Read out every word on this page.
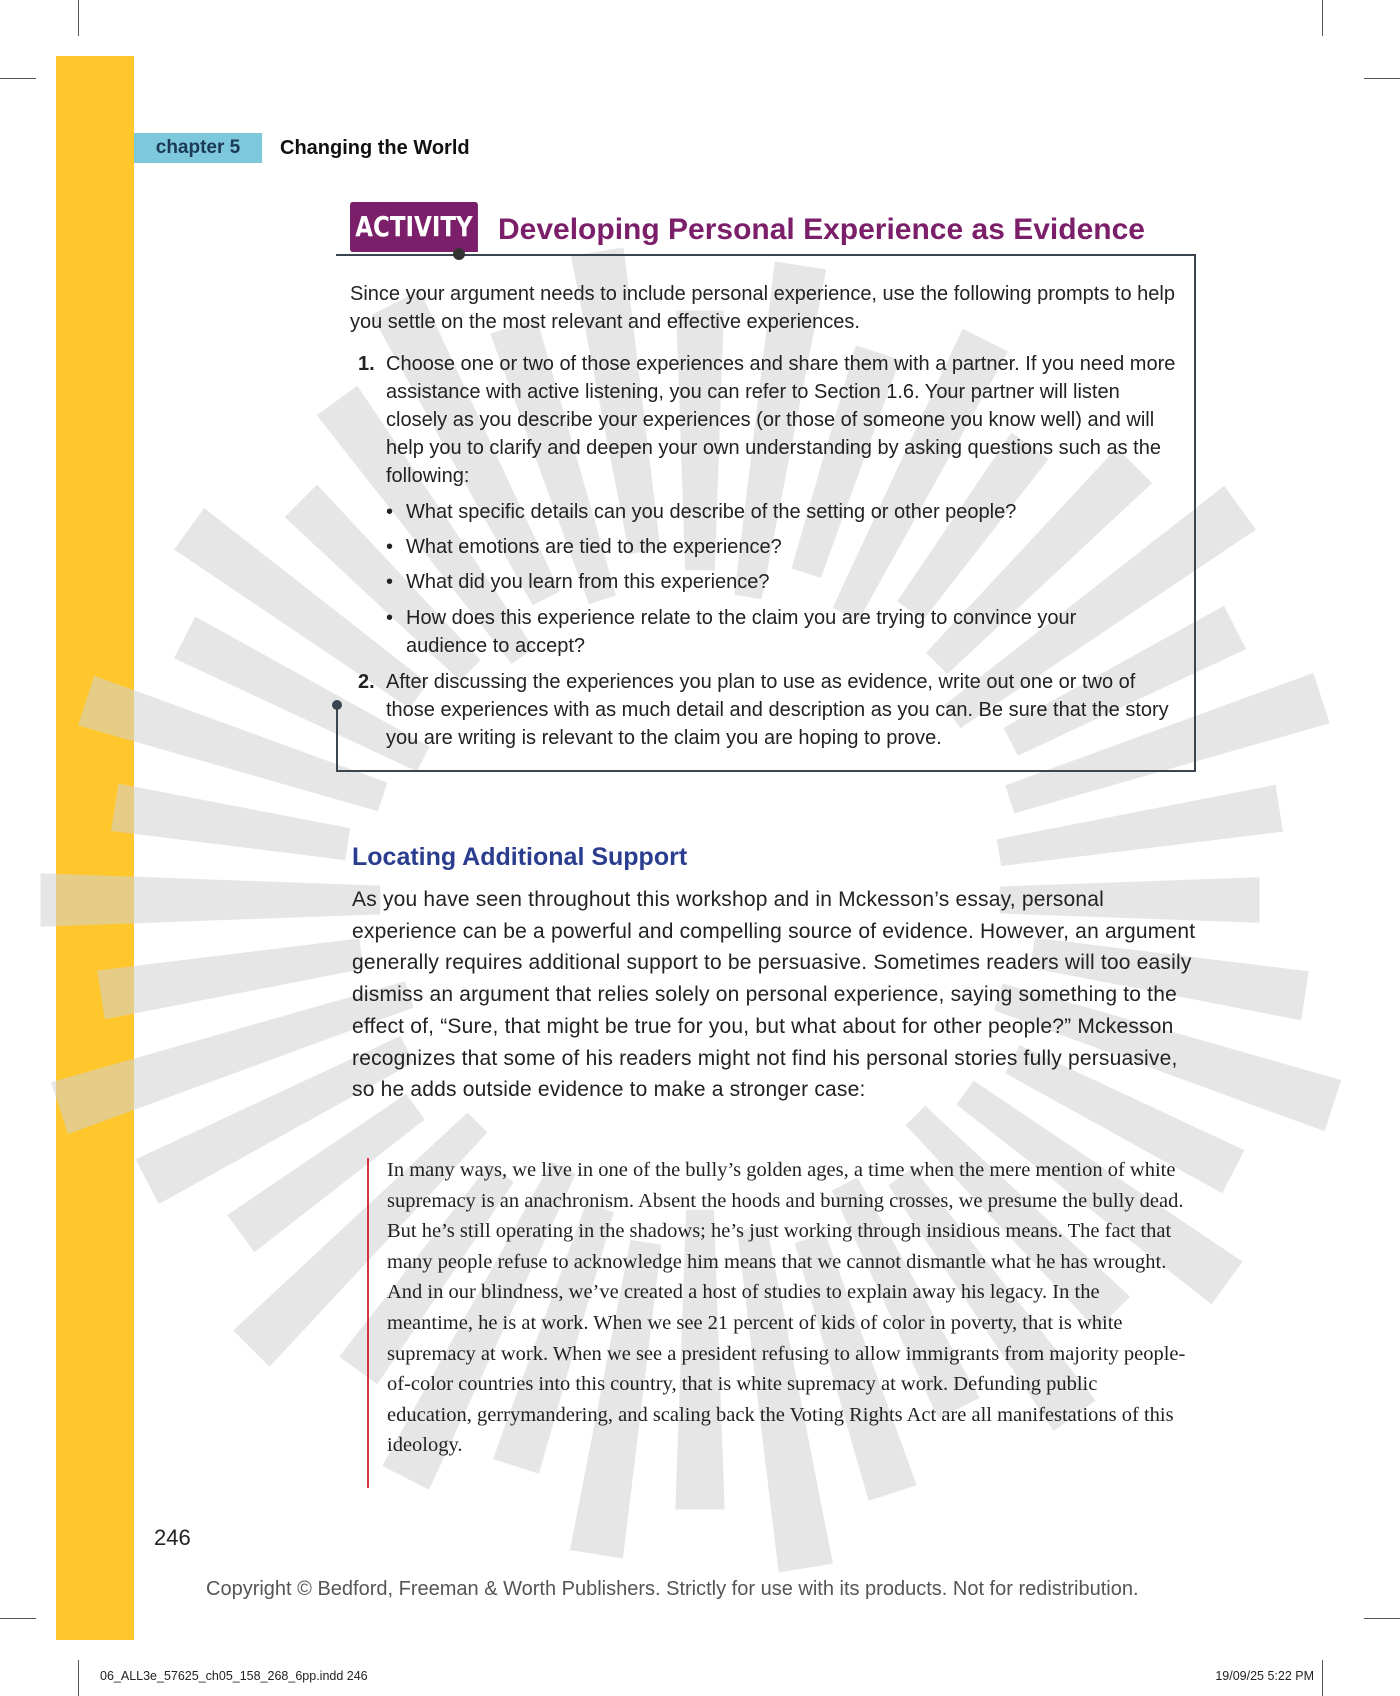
chapter 5	Changing the World
ACTIVITY Developing Personal Experience as Evidence
Since your argument needs to include personal experience, use the following prompts to help you settle on the most relevant and effective experiences.
1. Choose one or two of those experiences and share them with a partner. If you need more assistance with active listening, you can refer to Section 1.6. Your partner will listen closely as you describe your experiences (or those of someone you know well) and will help you to clarify and deepen your own understanding by asking questions such as the following:
• What specific details can you describe of the setting or other people?
• What emotions are tied to the experience?
• What did you learn from this experience?
• How does this experience relate to the claim you are trying to convince your audience to accept?
2. After discussing the experiences you plan to use as evidence, write out one or two of those experiences with as much detail and description as you can. Be sure that the story you are writing is relevant to the claim you are hoping to prove.
Locating Additional Support
As you have seen throughout this workshop and in Mckesson’s essay, personal experience can be a powerful and compelling source of evidence. However, an argument generally requires additional support to be persuasive. Sometimes readers will too easily dismiss an argument that relies solely on personal experience, saying something to the effect of, “Sure, that might be true for you, but what about for other people?” Mckesson recognizes that some of his readers might not find his personal stories fully persuasive, so he adds outside evidence to make a stronger case:
In many ways, we live in one of the bully’s golden ages, a time when the mere mention of white supremacy is an anachronism. Absent the hoods and burning crosses, we presume the bully dead. But he’s still operating in the shadows; he’s just working through insidious means. The fact that many people refuse to acknowledge him means that we cannot dismantle what he has wrought. And in our blindness, we’ve created a host of studies to explain away his legacy. In the meantime, he is at work. When we see 21 percent of kids of color in poverty, that is white supremacy at work. When we see a president refusing to allow immigrants from majority people-of-color countries into this country, that is white supremacy at work. Defunding public education, gerrymandering, and scaling back the Voting Rights Act are all manifestations of this ideology.
246
Copyright © Bedford, Freeman & Worth Publishers. Strictly for use with its products. Not for redistribution.
06_ALL3e_57625_ch05_158_268_6pp.indd 246	19/09/25 5:22 PM
